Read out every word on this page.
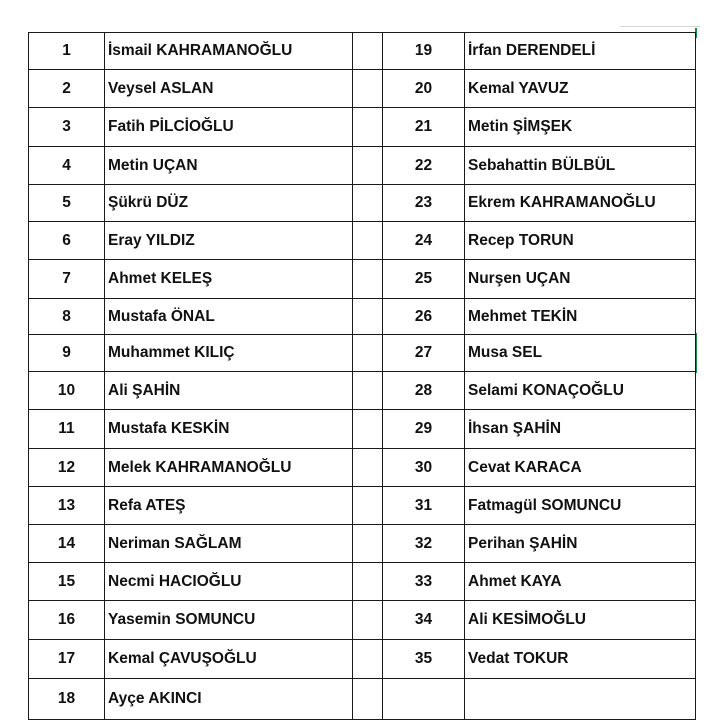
1	İsmail KAHRAMANOĞLU		19	İrfan DERENDELİ
2	Veysel ASLAN		20	Kemal YAVUZ
3	Fatih PİLCİOĞLU		21	Metin ŞİMŞEK
4	Metin UÇAN		22	Sebahattin BÜLBÜL
5	Şükrü DÜZ		23	Ekrem KAHRAMANOĞLU
6	Eray YILDIZ		24	Recep TORUN
7	Ahmet KELEŞ		25	Nurşen UÇAN
8	Mustafa ÖNAL		26	Mehmet TEKİN
9	Muhammet KILIÇ		27	Musa SEL
10	Ali ŞAHİN		28	Selami KONAÇOĞLU
11	Mustafa KESKİN		29	İhsan ŞAHİN
12	Melek KAHRAMANOĞLU		30	Cevat KARACA
13	Refa ATEŞ		31	Fatmagül SOMUNCU
14	Neriman SAĞLAM		32	Perihan ŞAHİN
15	Necmi HACIOĞLU		33	Ahmet KAYA
16	Yasemin SOMUNCU		34	Ali KESİMOĞLU
17	Kemal ÇAVUŞOĞLU		35	Vedat TOKUR
18	Ayçe AKINCI			
